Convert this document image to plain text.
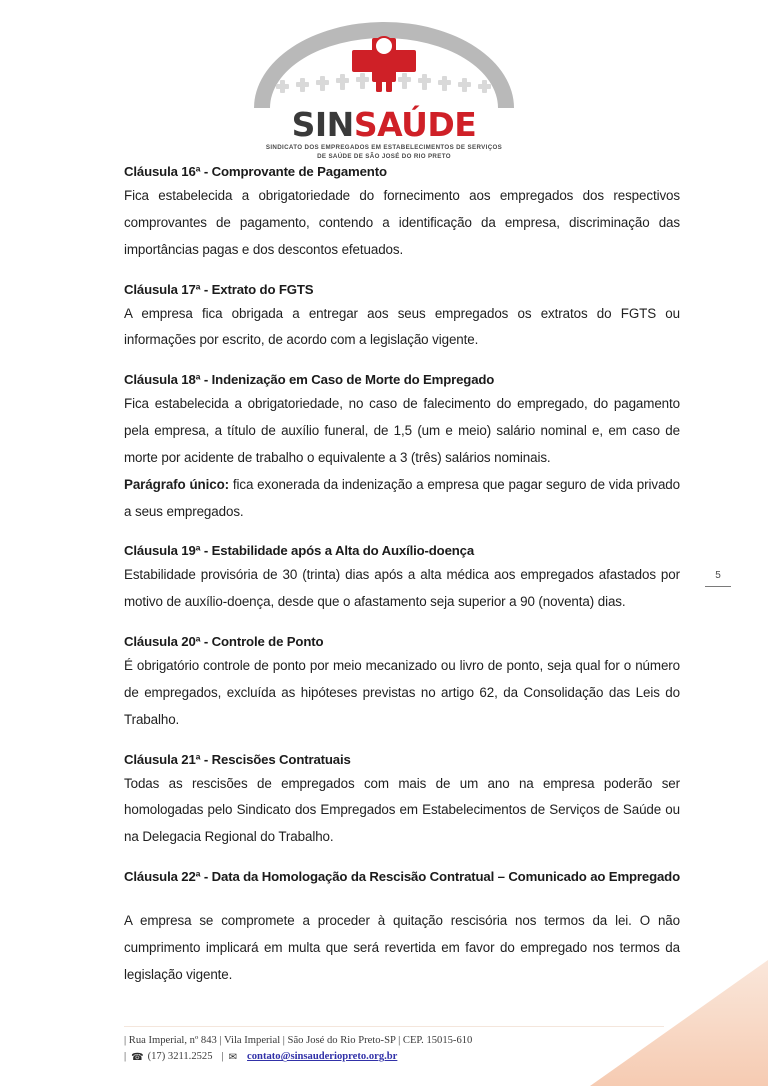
SINSAÚDE
SINDICATO DOS EMPREGADOS EM ESTABELECIMENTOS DE SERVIÇOS
DE SAÚDE DE SÃO JOSÉ DO RIO PRETO

Cláusula 16ª - Comprovante de Pagamento

Fica estabelecida a obrigatoriedade do fornecimento aos empregados dos respectivos comprovantes de pagamento, contendo a identificação da empresa, discriminação das importâncias pagas e dos descontos efetuados.

Cláusula 17ª - Extrato do FGTS

A empresa fica obrigada a entregar aos seus empregados os extratos do FGTS ou informações por escrito, de acordo com a legislação vigente.

Cláusula 18ª - Indenização em Caso de Morte do Empregado

Fica estabelecida a obrigatoriedade, no caso de falecimento do empregado, do pagamento pela empresa, a título de auxílio funeral, de 1,5 (um e meio) salário nominal e, em caso de morte por acidente de trabalho o equivalente a 3 (três) salários nominais.

Parágrafo único: fica exonerada da indenização a empresa que pagar seguro de vida privado a seus empregados.

Cláusula 19ª - Estabilidade após a Alta do Auxílio-doença

Estabilidade provisória de 30 (trinta) dias após a alta médica aos empregados afastados por motivo de auxílio-doença, desde que o afastamento seja superior a 90 (noventa) dias.

Cláusula 20ª - Controle de Ponto

É obrigatório controle de ponto por meio mecanizado ou livro de ponto, seja qual for o número de empregados, excluída as hipóteses previstas no artigo 62, da Consolidação das Leis do Trabalho.

Cláusula 21ª - Rescisões Contratuais

Todas as rescisões de empregados com mais de um ano na empresa poderão ser homologadas pelo Sindicato dos Empregados em Estabelecimentos de Serviços de Saúde ou na Delegacia Regional do Trabalho.

Cláusula 22ª - Data da Homologação da Rescisão Contratual – Comunicado ao Empregado

A empresa se compromete a proceder à quitação rescisória nos termos da lei. O não cumprimento implicará em multa que será revertida em favor do empregado nos termos da legislação vigente.

5
| Rua Imperial, nº 843 | Vila Imperial | São José do Rio Preto-SP | CEP. 15015-610
| ☎ (17) 3211.2525 | ✉ contato@sinsauderiopreto.org.br
